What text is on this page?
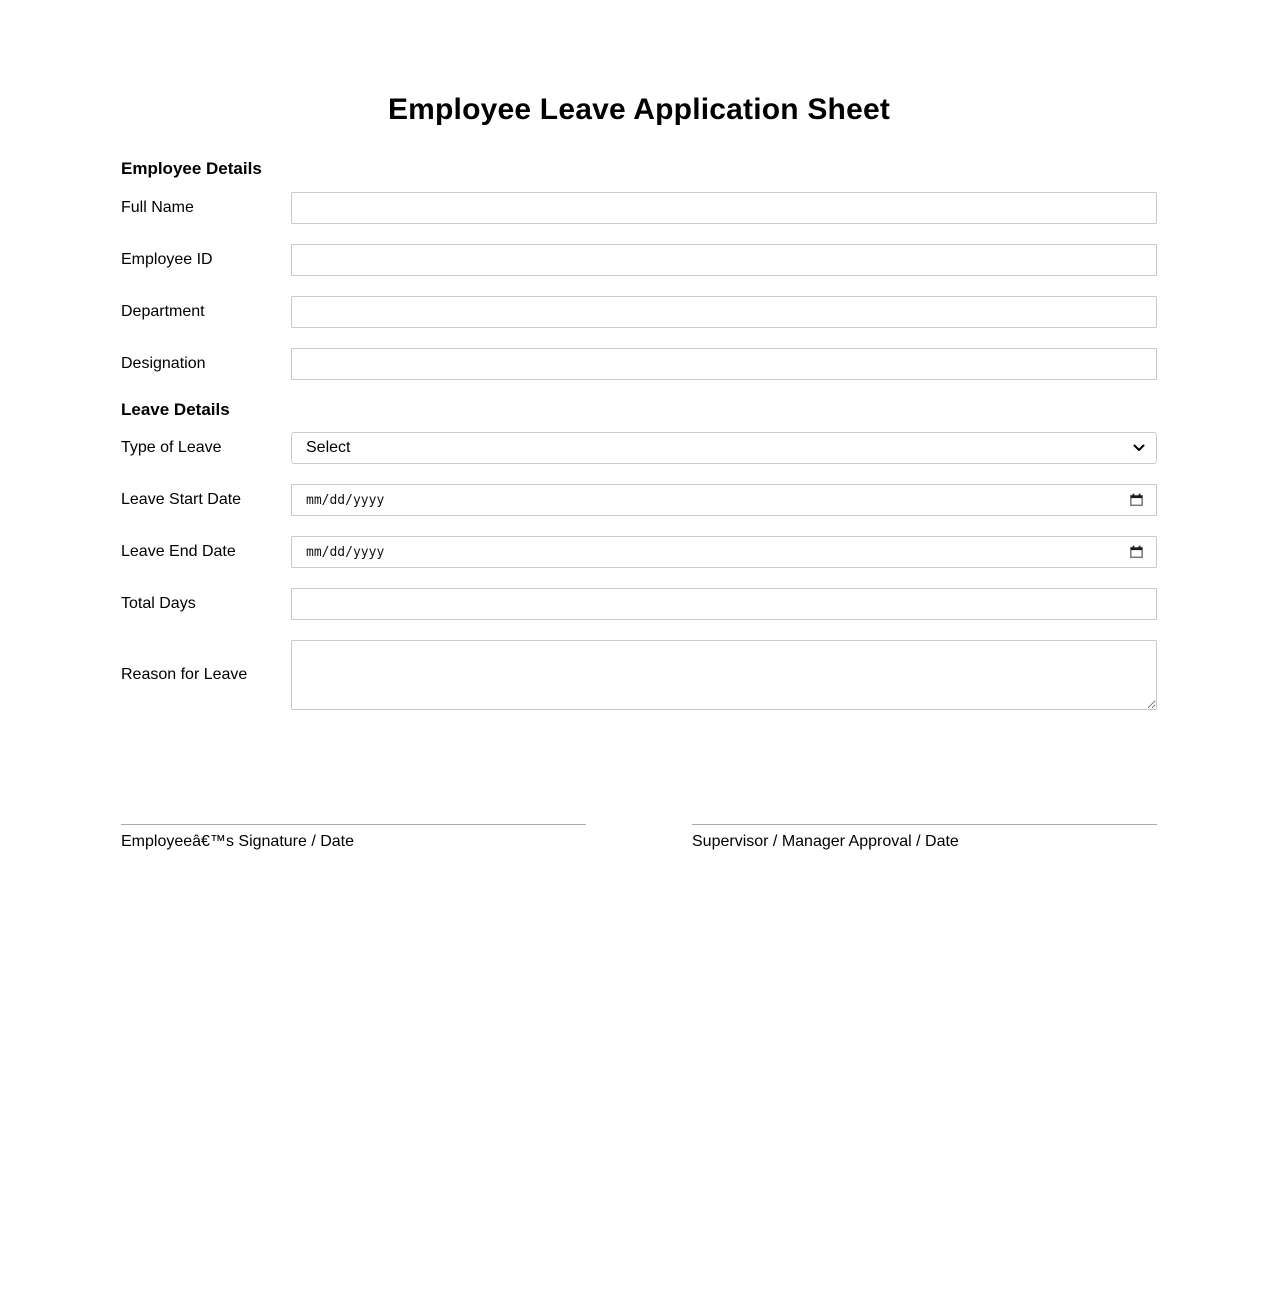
Employee Leave Application Sheet
Employee Details
Full Name
Employee ID
Department
Designation
Leave Details
Type of Leave	Select
Leave Start Date	mm/dd/yyyy
Leave End Date	mm/dd/yyyy
Total Days
Reason for Leave
Employeeâ€™s Signature / Date	Supervisor / Manager Approval / Date
